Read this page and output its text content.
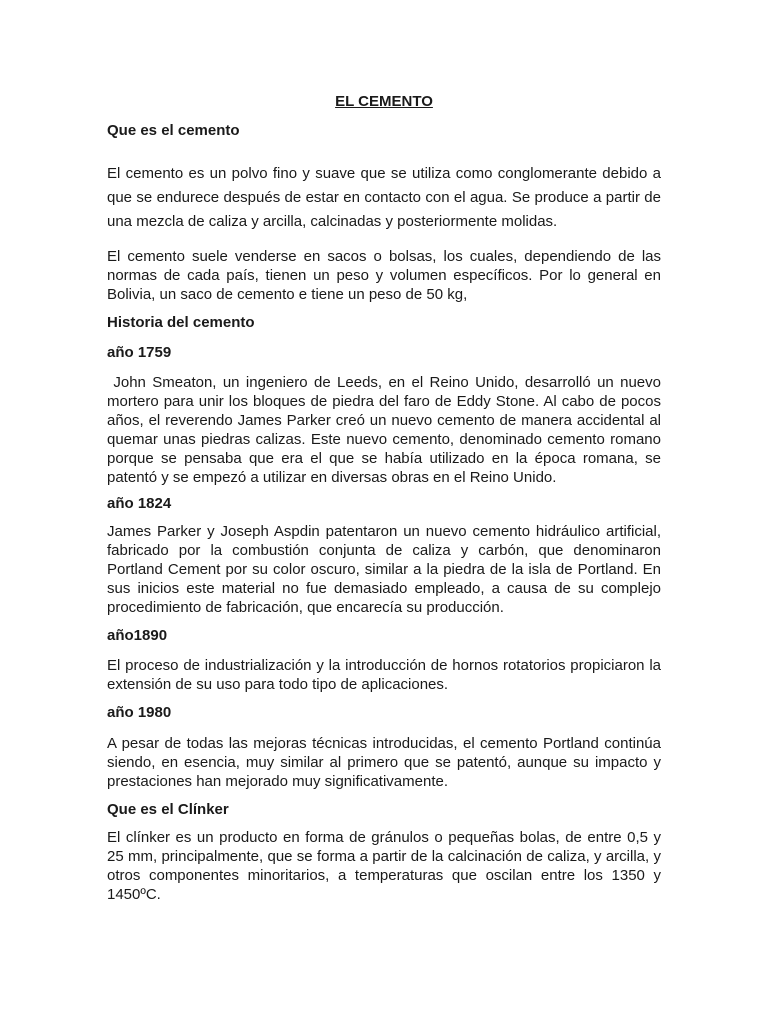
EL CEMENTO
Que es el cemento

El cemento es un polvo fino y suave que se utiliza como conglomerante debido a que se endurece después de estar en contacto con el agua. Se produce a partir de una mezcla de caliza y arcilla, calcinadas y posteriormente molidas.

El cemento suele venderse en sacos o bolsas, los cuales, dependiendo de las normas de cada país, tienen un peso y volumen específicos. Por lo general en Bolivia, un saco de cemento e tiene un peso de 50 kg,

Historia del cemento
año 1759

John Smeaton, un ingeniero de Leeds, en el Reino Unido, desarrolló un nuevo mortero para unir los bloques de piedra del faro de Eddy Stone. Al cabo de pocos años, el reverendo James Parker creó un nuevo cemento de manera accidental al quemar unas piedras calizas. Este nuevo cemento, denominado cemento romano porque se pensaba que era el que se había utilizado en la época romana, se patentó y se empezó a utilizar en diversas obras en el Reino Unido.

año 1824

James Parker y Joseph Aspdin patentaron un nuevo cemento hidráulico artificial, fabricado por la combustión conjunta de caliza y carbón, que denominaron Portland Cement por su color oscuro, similar a la piedra de la isla de Portland. En sus inicios este material no fue demasiado empleado, a causa de su complejo procedimiento de fabricación, que encarecía su producción.

año1890

El proceso de industrialización y la introducción de hornos rotatorios propiciaron la extensión de su uso para todo tipo de aplicaciones.

año 1980

A pesar de todas las mejoras técnicas introducidas, el cemento Portland continúa siendo, en esencia, muy similar al primero que se patentó, aunque su impacto y prestaciones han mejorado muy significativamente.

Que es el Clínker

El clínker es un producto en forma de gránulos o pequeñas bolas, de entre 0,5 y 25 mm, principalmente, que se forma a partir de la calcinación de caliza, y arcilla, y otros componentes minoritarios, a temperaturas que oscilan entre los 1350 y 1450ºC.
